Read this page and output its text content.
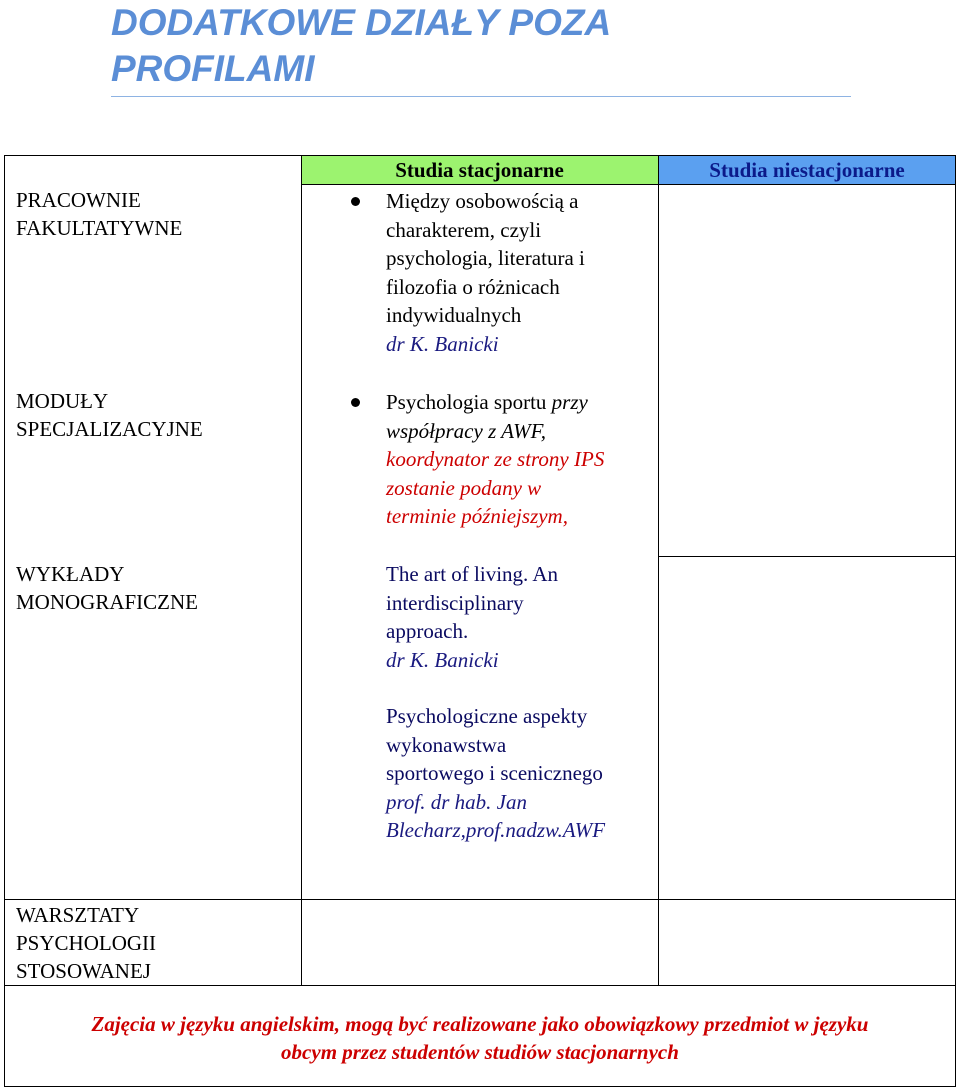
DODATKOWE DZIAŁY POZA
PROFILAMI
Studia stacjonarne	Studia niestacjonarne
PRACOWNIE
FAKULTATYWNE
MODUŁY
SPECJALIZACYJNE
WYKŁADY
MONOGRAFICZNE
WARSZTATY
PSYCHOLOGII
STOSOWANEJ
Między osobowością a
charakterem, czyli
psychologia, literatura i
filozofia o różnicach
indywidualnych
dr K. Banicki
Psychologia sportu przy
współpracy z AWF,
koordynator ze strony IPS
zostanie podany w
terminie późniejszym,
The art of living. An
interdisciplinary
approach.
dr K. Banicki
Psychologiczne aspekty
wykonawstwa
sportowego i scenicznego
prof. dr hab. Jan
Blecharz,prof.nadzw.AWF
Zajęcia w języku angielskim, mogą być realizowane jako obowiązkowy przedmiot w języku
obcym przez studentów studiów stacjonarnych
